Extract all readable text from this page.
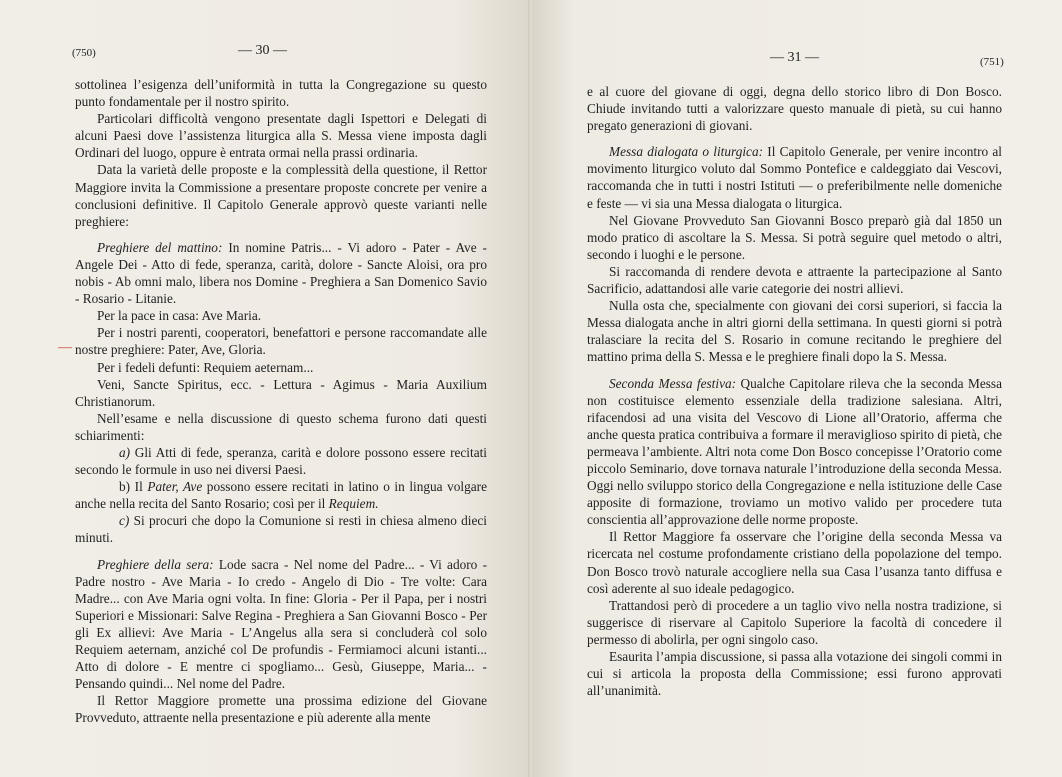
(750)	— 30 —
—

sottolinea l’esigenza dell’uniformità in tutta la Congregazione su questo punto fondamentale per il nostro spirito.

Particolari difficoltà vengono presentate dagli Ispettori e Delegati di alcuni Paesi dove l’assistenza liturgica alla S. Messa viene imposta dagli Ordinari del luogo, oppure è entrata ormai nella prassi ordinaria.

Data la varietà delle proposte e la complessità della questione, il Rettor Maggiore invita la Commissione a presentare proposte concrete per venire a conclusioni definitive. Il Capitolo Generale approvò queste varianti nelle preghiere:

Preghiere del mattino: In nomine Patris... - Vi adoro - Pater - Ave - Angele Dei - Atto di fede, speranza, carità, dolore - Sancte Aloisi, ora pro nobis - Ab omni malo, libera nos Domine - Preghiera a San Domenico Savio - Rosario - Litanie.

Per la pace in casa: Ave Maria.

Per i nostri parenti, cooperatori, benefattori e persone raccomandate alle nostre preghiere: Pater, Ave, Gloria.

Per i fedeli defunti: Requiem aeternam...

Veni, Sancte Spiritus, ecc. - Lettura - Agimus - Maria Auxilium Christianorum.

Nell’esame e nella discussione di questo schema furono dati questi schiarimenti:

a) Gli Atti di fede, speranza, carità e dolore possono essere recitati secondo le formule in uso nei diversi Paesi.

b) Il Pater, Ave possono essere recitati in latino o in lingua volgare anche nella recita del Santo Rosario; così per il Requiem.

c) Si procuri che dopo la Comunione si resti in chiesa almeno dieci minuti.

Preghiere della sera: Lode sacra - Nel nome del Padre... - Vi adoro - Padre nostro - Ave Maria - Io credo - Angelo di Dio - Tre volte: Cara Madre... con Ave Maria ogni volta. In fine: Gloria - Per il Papa, per i nostri Superiori e Missionari: Salve Regina - Preghiera a San Giovanni Bosco - Per gli Ex allievi: Ave Maria - L’Angelus alla sera si concluderà col solo Requiem aeternam, anziché col De profundis - Fermiamoci alcuni istanti... Atto di dolore - E mentre ci spogliamo... Gesù, Giuseppe, Maria... - Pensando quindi... Nel nome del Padre.

Il Rettor Maggiore promette una prossima edizione del Giovane Provveduto, attraente nella presentazione e più aderente alla mente

— 31 —	(751)

e al cuore del giovane di oggi, degna dello storico libro di Don Bosco. Chiude invitando tutti a valorizzare questo manuale di pietà, su cui hanno pregato generazioni di giovani.

Messa dialogata o liturgica: Il Capitolo Generale, per venire incontro al movimento liturgico voluto dal Sommo Pontefice e caldeggiato dai Vescovi, raccomanda che in tutti i nostri Istituti — o preferibilmente nelle domeniche e feste — vi sia una Messa dialogata o liturgica.

Nel Giovane Provveduto San Giovanni Bosco preparò già dal 1850 un modo pratico di ascoltare la S. Messa. Si potrà seguire quel metodo o altri, secondo i luoghi e le persone.

Si raccomanda di rendere devota e attraente la partecipazione al Santo Sacrificio, adattandosi alle varie categorie dei nostri allievi.

Nulla osta che, specialmente con giovani dei corsi superiori, si faccia la Messa dialogata anche in altri giorni della settimana. In questi giorni si potrà tralasciare la recita del S. Rosario in comune recitando le preghiere del mattino prima della S. Messa e le preghiere finali dopo la S. Messa.

Seconda Messa festiva: Qualche Capitolare rileva che la seconda Messa non costituisce elemento essenziale della tradizione salesiana. Altri, rifacendosi ad una visita del Vescovo di Lione all’Oratorio, afferma che anche questa pratica contribuiva a formare il meraviglioso spirito di pietà, che permeava l’ambiente. Altri nota come Don Bosco concepisse l’Oratorio come piccolo Seminario, dove tornava naturale l’introduzione della seconda Messa. Oggi nello sviluppo storico della Congregazione e nella istituzione delle Case apposite di formazione, troviamo un motivo valido per procedere tuta conscientia all’approvazione delle norme proposte.

Il Rettor Maggiore fa osservare che l’origine della seconda Messa va ricercata nel costume profondamente cristiano della popolazione del tempo. Don Bosco trovò naturale accogliere nella sua Casa l’usanza tanto diffusa e così aderente al suo ideale pedagogico.

Trattandosi però di procedere a un taglio vivo nella nostra tradizione, si suggerisce di riservare al Capitolo Superiore la facoltà di concedere il permesso di abolirla, per ogni singolo caso.

Esaurita l’ampia discussione, si passa alla votazione dei singoli commi in cui si articola la proposta della Commissione; essi furono approvati all’unanimità.
